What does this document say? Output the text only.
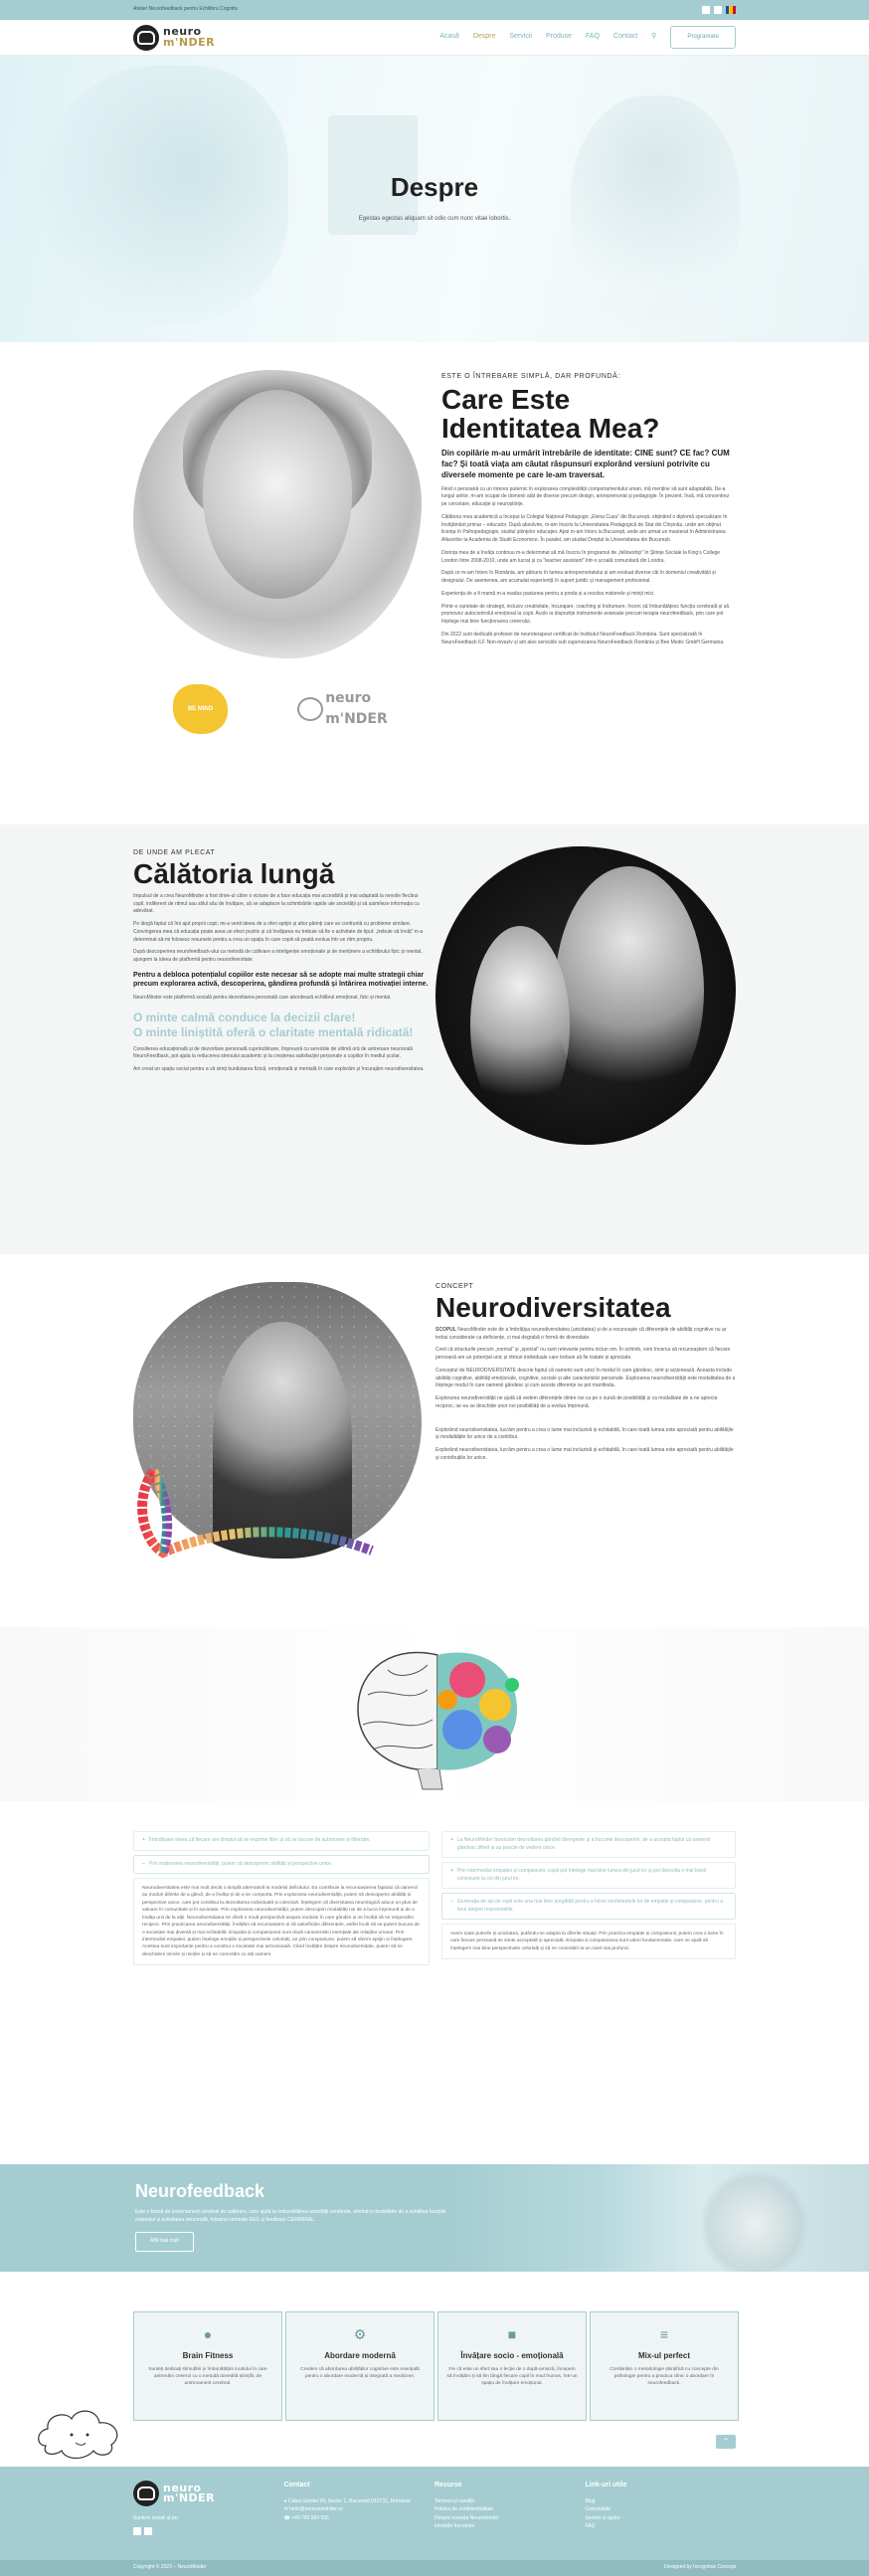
Atelier Neurofeedback pentru Echilibru Cognitiv
neuro
m'NDER	Acasă Despre Servicii Produse FAQ Contact ⚲	Programare
Despre

Egestas egestas aliquam sit odio cum nunc vitae lobortis.

BE MIND
neuro m'NDER
ESTE O ÎNTREBARE SIMPLĂ, DAR PROFUNDĂ:
Care Este
Identitatea Mea?
Din copilărie m-au urmărit întrebările de identitate: CINE sunt? CE fac? CUM fac? Și toată viața am căutat răspunsuri explorând versiuni potrivite cu diversele momente pe care le-am traversat.

Fiind o persoană cu un interes puternic în explorarea complexității comportamentului uman, mă menține să sunt adaptabilă. De-a lungul anilor, m-am ocupat de domenii atât de diverse precum design, antreprenoriat și pedagogie. În prezent, însă, mă concentrez pe cercetare, educație și neuroștiințe.

Călătoria mea academică a început la Colegiul Național Pedagogic „Elena Cuza” din București, obținând o diplomă specializare în învățământ primar – educator. După absolvire, m-am înscris la Universitatea Pedagogică de Stat din Chișinău, unde am obținut licența în Psihopedagogie, studiul ştiinţelor educaţiei. Apoi m-am întors la București, unde am urmat un masterat în Administrarea Afacerilor la Academia de Studii Economice. În paralel, am studiat Dreptul la Universitatea din București.

Dorința mea de a învăța continuu m-a determinat să mă înscriu în programul de „fellowship” în Științe Sociale la King’s College London între 2008-2010, unde am lucrat și ca “teacher assistant” într-o școală comunitară din Londra.

După ce m-am întors în România, am pătruns în lumea antreprenoriatului și am evoluat diverse căi în domeniul creativității și designului. De asemenea, am acumulat experiență în suport juridic și management profesional.

Experiența de a fi mamă m-a readus pasiunea pentru a preda și a rezolva misterele și minții mici.

Printr-o varietate de strategii, inclusiv creativitate, încurajare, coaching și îndrumare, încerc să îmbunătățesc funcția cerebrală și să promovez autocontrolul emoțional la copii. Acolo ia dispoziție instrumente avansate precum terapia neurofeedback, prin care pot înțelege mai bine funcționarea creierului.

Din 2022 sunt dedicată profesiei de neuroterapeut certificat de Institutul NeuroFeedback România. Sunt specializată în NeuroFeedback ILF Non-invaziv și am ales serviciile sub supervizarea NeuroFeedback România și Bee Medic GmbH Germania.

DE UNDE AM PLECAT
Călătoria lungă

Impulsul de a crea NeuroMinder a fost drive-ul către o viziune de a face educația mai accesibilă și mai adaptată la nevoile fiecărui copil, indiferent de ritmul sau stilul său de învățare, să se adapteze la schimbările rapide ale societății și să asimileze informația cu adevărat.

Pe lângă faptul că îmi ajut proprii copii, mi-a venit ideea de a oferi sprijin și altor părinți care se confruntă cu probleme similare. Convingerea mea că educația poate avea un efect pozitiv și că învățarea nu trebuie să fie o activitate de tipul: „trebuie să învăț” m-a determinat să-mi folosesc resursele pentru a crea un spațiu în care copiii să poată evolua într-un ritm propriu.

După descoperirea neurofeedback-ului ca metodă de cultivare a inteligenței emoționale și de menținere a echilibrului fizic și mental, ajungem la ideea de platformă pentru neurodiversitate.

Pentru a debloca potențialul copiilor este necesar să se adopte mai multe strategii chiar precum explorarea activă, descoperirea, gândirea profundă și întărirea motivației interne.

NeuroMinder este platformă socială pentru dezvoltarea personală care abordează echilibrul emoțional, fizic și mental.

O minte calmă conduce la decizii clare!
O minte liniștită oferă o claritate mentală ridicată!

Consilierea educațională și de dezvoltare personală cuprinzătoare, împreună cu serviciile de ultimă oră de antrenare neuronală NeuroFeedback, pot ajuta la reducerea stresului academic și la creșterea satisfacției personale a copiilor în mediul școlar.

Am creat un spațiu social pentru a vă simți bunăstarea fizică, emoțională și mentală în care explorăm și încurajăm neurodiversitatea.

CONCEPT
Neurodiversitatea

SCOPUL NeuroMinder este de a îmbrățișa neurodiversitatea (unicitatea) și de a recunoaște că diferențele de abilități cognitive nu ar trebui considerate ca deficiențe, ci mai degrabă o formă de diversitate.

Cred că structurile precum „normal” și „special” nu sunt relevante pentru niciun om. În schimb, vom încerca să recunoaștem că fiecare persoană are un potențial unic și ritmuri individuale care trebuie să fie tratate și apreciate.

Conceptul de NEURODIVERSITATE descrie faptul că oamenii sunt unici în modul în care gândesc, simt și acționează. Aceasta include abilități cognitive, abilități emoționale, cognitive, sociale și alte caracteristici personale. Explorarea neurodiversității este modalitatea de a înțelege modul în care oamenii gândesc și cum aceste diferențe se pot manifesta.

Explorarea neurodiversității ne ajută să vedem diferențele dintre noi ca pe o sursă de posibilități și ca modalitate de a ne aprecia reciproc, iar ea se deschide unor noi posibilități de a evolua împreună.

Explorând neurodiversitatea, lucrăm pentru a crea o lume mai incluzivă și echitabilă, în care toată lumea este apreciată pentru abilitățile și modalitățile lor unice de a contribui.

Explorând neurodiversitatea, lucrăm pentru a crea o lume mai incluzivă și echitabilă, în care toată lumea este apreciată pentru abilitățile și contribuțiile lor unice.

+ Îmbrățișare ideea că fiecare are dreptul să se exprime liber și să se bucure de autonomie și libertate.
− Prin explorarea neurodiversității, putem să descoperim abilități și perspective unice.
Neurodiversitatea este mai mult decât o simplă alternativă la modelul deficitului. Ea contribuie la recunoașterea faptului că oamenii au moduri diferite de a gândi, de a învăța și de a se comporta. Prin explorarea neurodiversității, putem să descoperim abilități și perspective unice, care pot contribui la dezvoltarea individuală și colectivă. Înțelegem că diversitatea neurologică aduce un plus de valoare în comunitate și în societate. Prin explorarea neurodiversității, putem descoperi modalități noi de a lucra împreună și de a învăța unii de la alții. Neurodiversitatea ne oferă o nouă perspectivă asupra modului în care gândim și ne învăță să ne respectăm reciproc. Prin practicarea neurodiversității, învățăm să recunoaștem și să valorificăm diferențele, astfel încât să ne putem bucura de o societate mai diversă și mai echitabilă. Empatia și compasiunea sunt două caracteristici esențiale ale relațiilor umane. Prin intermediul empatiei, putem înțelege emoțiile și perspectivele celorlalți, iar prin compasiune, putem să oferim sprijin și înțelegere. Acestea sunt importante pentru a construi o societate mai armonioasă. Când învățăm despre neurodiversitate, putem să ne deschidem inimile și mințile și să ne conectăm cu alți oameni.
+ La NeuroMinder favorizăm dezvoltarea gândirii divergente și a bucuriei descoperirii, de a accepta faptul că oamenii gândesc diferit și au puncte de vedere unice.
+ Prin intermediul empatiei și compasiunii, copiii pot înțelege mai bine lumea din jurul lor și pot dezvolta o mai bună conexiune la cei din jurul lor.
− Generația de azi de copii este una mai bine pregătită pentru a folosi sentimentele lor de empatie și compasiune, pentru a face alegeri responsabile.
Avem toate puterile și unicitatea, putându-ne adapta la diferite situații. Prin practica empatiei și compasiunii, putem crea o lume în care fiecare persoană se simte acceptată și apreciată. Empatia și compasiunea sunt valori fundamentale, care ne ajută să înțelegem mai bine perspectivele celorlalți și să ne conectăm la un nivel mai profund.
Neurofeedback

Este o formă de antrenament cerebral de calibrare, care ajută la îmbunătățirea activității cerebrale, oferind o modalitate de a echilibra funcțiile creierului și activitatea neuronală, folosind semnale EEG și feedback CEREBRAL.

Află mai mult
●
Brain Fitness

Sunteți dedicați stimulării și îmbunătățirii modului în care antrenăm creierul cu o metodă dovedită științific de antrenament cerebral.

⚙
Abordare modernă

Credem că abordarea abilităților cognitive este esențială pentru o abordare modernă și integrată a medicinei.

■
Învățare socio - emoțională

Fie că este un sfert sau o lecție de o după-amiază, începem să învățăm și să fim lângă fiecare copil în mod frumos, într-un spațiu de învățare emoțional.

≡
Mix-ul perfect

Combinăm o metodologie științifică cu concepte din psihologie pentru a practica clinic o abordare în neurofeedback.

⌃
neuro
m'NDER
Suntem sociali și pe:
Contact
● Calea Grivitei 24, Sector 1, Bucuresti 010731, Romania
✉ hello@neuromminder.ro
☎ +40 765 994 555
Resurse
Termeni și condiții
Politica de confidențialitate
Despre metoda Neurominder
Intrebări frecvente
Link-uri utile
Blog
Comunitate
Servicii și ajutor
FAQ
Copyright © 2023 – NeuroMinder	Designed by Incognitus Concept
